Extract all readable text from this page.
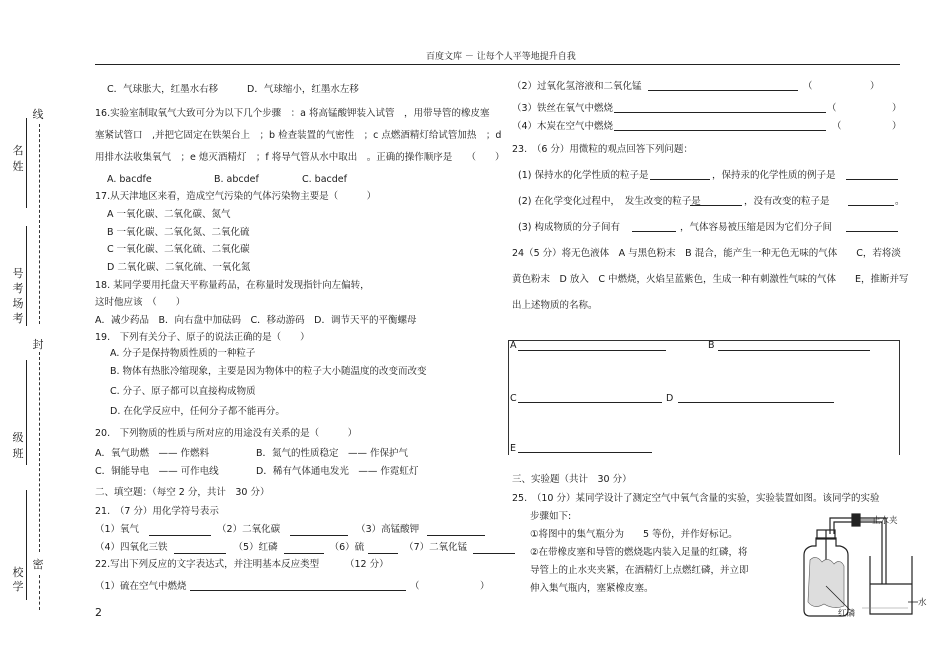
百度文库 － 让每个人平等地提升自我
线
名姓
号考场考
封
级班
密
校学
C．气球胀大，红墨水右移	D．气球缩小，红墨水左移
16.实验室制取氧气大致可分为以下几个步骤　：a 将高锰酸钾装入试管　，用带导管的橡皮塞
塞紧试管口　,并把它固定在铁架台上　；b 检查装置的气密性　；c 点燃酒精灯给试管加热　；d
用排水法收集氧气　；e 熄灭酒精灯　；f 将导气管从水中取出　。正确的操作顺序是　　（　　）
A. bacdfe	B. abcdef	C. bacdef
17.从天津地区来看，造成空气污染的气体污染物主要是（　　　）
A 一氧化碳、二氧化碳、氮气
B 一氧化碳、二氧化氮、二氧化硫
C 一氧化碳、二氧化硫、二氧化碳
D 二氧化碳、二氧化硫、一氧化氮
18. 某同学要用托盘天平称量药品，在称量时发现指针向左偏转，
这时他应该　（　　）
A．减少药品　B．向右盘中加砝码　C．移动游码　D．调节天平的平衡螺母
19.　下列有关分子、原子的说法正确的是（　　）
A. 分子是保持物质性质的一种粒子
B. 物体有热胀冷缩现象，主要是因为物体中的粒子大小随温度的改变而改变
C. 分子、原子都可以直接构成物质
D. 在化学反应中，任何分子都不能再分。
20.　下列物质的性质与所对应的用途没有关系的是（　　　）
A．氧气助燃　—— 作燃料	B．氮气的性质稳定　—— 作保护气
C．铜能导电　—— 可作电线	D．稀有气体通电发光　—— 作霓虹灯
二、填空题：（每空 2 分，共计　30 分）
21.　（7 分）用化学符号表示
（1）氧气	（2）二氧化碳	（3）高锰酸钾
（4）四氧化三铁	（5）红磷	（6）硫	（7）二氧化锰
22.写出下列反应的文字表达式，并注明基本反应类型	（12 分）
（1）硫在空气中燃烧	（	）
2
（2）过氧化氢溶液和二氧化锰	（	）
（3）铁丝在氧气中燃烧	（	）
（4）木炭在空气中燃烧	（	）
23.　（6 分）用微粒的观点回答下列问题：
(1) 保持水的化学性质的粒子是	，保持汞的化学性质的例子是
(2) 在化学变化过程中，　发生改变的粒子是	，没有改变的粒子是	。
(3) 构成物质的分子间有	，气体容易被压缩是因为它们分子间
24（5 分）将无色液体　A 与黑色粉末　B 混合，能产生一种无色无味的气体　　C，若将淡
黄色粉末　D 放入　C 中燃烧，火焰呈蓝紫色，生成一种有刺激性气味的气体　　E，推断并写
出上述物质的名称。
A	B
C	D
E
三、实验题（共计　30 分）
25.　（10 分）某同学设计了测定空气中氧气含量的实验，实验装置如图。该同学的实验
步骤如下:
①将图中的集气瓶分为　　5 等份，并作好标记。
②在带橡皮塞和导管的燃烧匙内装入足量的红磷，将
导管上的止水夹夹紧，在酒精灯上点燃红磷，并立即
伸入集气瓶内，塞紧橡皮塞。
止水夹
红磷
水
